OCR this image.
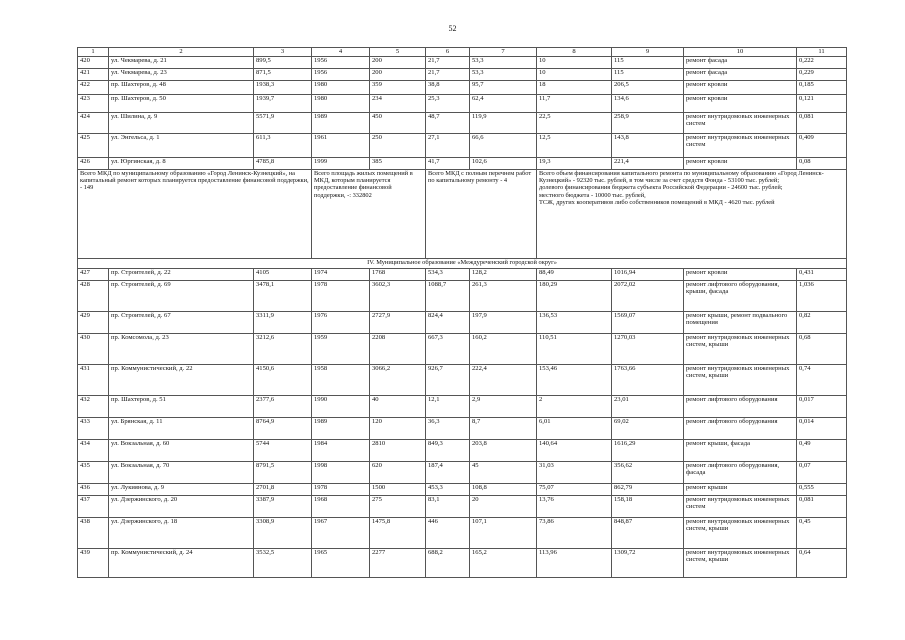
52
1	2	3	4	5	6	7	8	9	10	11
420	ул. Чекмарева, д. 21	899,5	1956	200	21,7	53,3	10	115	ремонт фасада	0,222
421	ул. Чекмарева, д. 23	871,5	1956	200	21,7	53,3	10	115	ремонт фасада	0,229
422	пр. Шахтеров, д. 48	1938,3	1980	359	38,8	95,7	18	206,5	ремонт кровли	0,185
423	пр. Шахтеров, д. 50	1939,7	1980	234	25,3	62,4	11,7	134,6	ремонт кровли	0,121
424	ул. Шилина, д. 9	5571,9	1989	450	48,7	119,9	22,5	258,9	ремонт внутридомовых инженерных систем	0,081
425	ул. Энгельса, д. 1	611,3	1961	250	27,1	66,6	12,5	143,8	ремонт внутридомовых инженерных систем	0,409
426	ул. Юргинская, д. 8	4785,8	1999	385	41,7	102,6	19,3	221,4	ремонт кровли	0,08
Всего МКД по муниципальному образованию «Город Ленинск-Кузнецкий», на капитальный ремонт которых планируется предоставление финансовой поддержки, - 149			Всего площадь жилых помещений в МКД, которым планируется предоставление финансовой поддержки, -: 332802		Всего МКД с полным перечнем работ по капитальному ремонту - 4		Всего объем финансирования капитального ремонта по муниципальному образованию «Город Ленинск-Кузнецкий» - 92320 тыс. рублей, в том числе за счет средств Фонда - 53100 тыс. рублей;
долевого финансирования бюджета субъекта Российской Федерации - 24600 тыс. рублей;
местного бюджета - 10000 тыс. рублей,
ТСЖ, других кооперативов либо собственников помещений в МКД - 4620 тыс. рублей			

IV. Муниципальное образование «Междуреченский городской округ»										
427	пр. Строителей, д. 22	4105	1974	1768	534,3	128,2	88,49	1016,94	ремонт кровли	0,431
428	пр. Строителей, д. 69	3478,1	1978	3602,3	1088,7	261,3	180,29	2072,02	ремонт лифтового оборудования, крыши, фасада	1,036
429	пр. Строителей, д. 67	3311,9	1976	2727,9	824,4	197,9	136,53	1569,07	ремонт крыши, ремонт подвального помещения	0,82
430	пр. Комсомола, д. 23	3212,6	1959	2208	667,3	160,2	110,51	1270,03	ремонт внутридомовых инженерных систем, крыши	0,68
431	пр. Коммунистический, д. 22	4150,6	1958	3066,2	926,7	222,4	153,46	1763,66	ремонт внутридомовых инженерных систем, крыши	0,74
432	пр. Шахтеров, д. 51	2377,6	1990	40	12,1	2,9	2	23,01	ремонт лифтового оборудования	0,017
433	ул. Брянская, д. 11	8764,9	1989	120	36,3	8,7	6,01	69,02	ремонт лифтового оборудования	0,014
434	ул. Вокзальная, д. 60	5744	1984	2810	849,3	203,8	140,64	1616,29	ремонт крыши, фасада	0,49
435	ул. Вокзальная, д. 70	8791,5	1998	620	187,4	45	31,03	356,62	ремонт лифтового оборудования, фасада	0,07
436	ул. Лукиянова, д. 9	2701,8	1978	1500	453,3	108,8	75,07	862,79	ремонт крыши	0,555
437	ул. Дзержинского, д. 20	3387,9	1968	275	83,1	20	13,76	158,18	ремонт внутридомовых инженерных систем	0,081
438	ул. Дзержинского, д. 18	3308,9	1967	1475,8	446	107,1	73,86	848,87	ремонт внутридомовых инженерных систем, крыши	0,45
439	пр. Коммунистический, д. 24	3532,5	1965	2277	688,2	165,2	113,96	1309,72	ремонт внутридомовых инженерных систем, крыши	0,64
